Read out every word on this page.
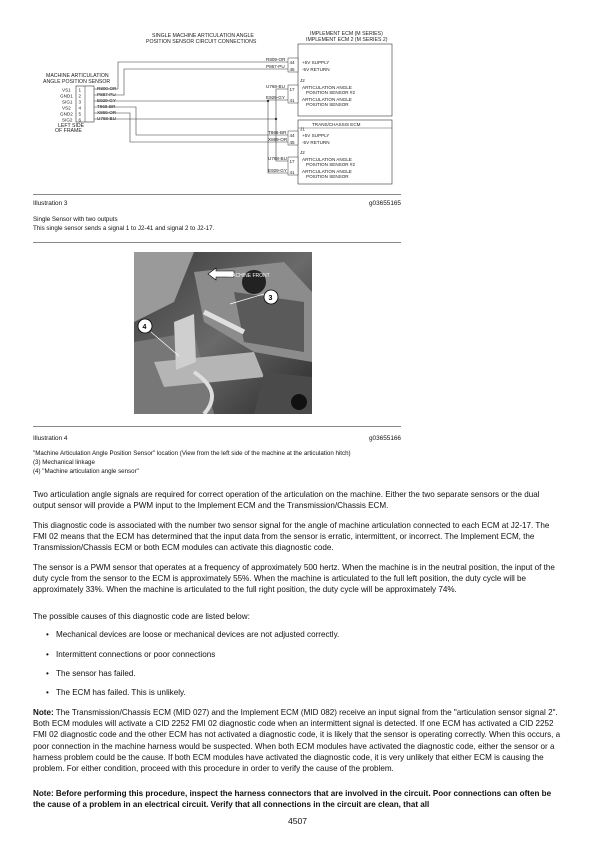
SINGLE MACHINE ARTICULATION ANGLE
POSITION SENSOR CIRCUIT CONNECTIONS
IMPLEMENT ECM (M SERIES)
IMPLEMENT ECM 2 (M SERIES 2)
MACHINE ARTICULATION
ANGLE POSITION SENSOR
LEFT SIDE
OF FRAME
VS1
GND1
SIG1
VS2
GND2
SIG2
1
2
3
4
5
6
R800-OR
P887-PU
E929-GY
T868-BR
X869-OR
U768-BU
R809-OR
P867-PU
44
45
+5V SUPPLY
-5V RETURN
J2
U768-BU
E929-GY
17
41
ARTICULATION ANGLE
POSITION SENSOR #2
ARTICULATION ANGLE
POSITION SENSOR
TRANS/CHASSIS ECM
J1
T868-BR
X869-OR
44
45
+5V SUPPLY
-5V RETURN
J2
U768-BU
E929-GY
17
41
ARTICULATION ANGLE
POSITION SENSOR #2
ARTICULATION ANGLE
POSITION SENSOR
Illustration 3	g03655165
Single Sensor with two outputs
This single sensor sends a signal 1 to J2-41 and signal 2 to J2-17.
MACHINE FRONT
3
4
Illustration 4	g03655166
"Machine Articulation Angle Position Sensor" location (View from the left side of the machine at the articulation hitch)
(3) Mechanical linkage
(4) "Machine articulation angle sensor"

Two articulation angle signals are required for correct operation of the articulation on the machine. Either the two separate sensors or the dual output sensor will provide a PWM input to the Implement ECM and the Transmission/Chassis ECM.

This diagnostic code is associated with the number two sensor signal for the angle of machine articulation connected to each ECM at J2-17. The FMI 02 means that the ECM has determined that the input data from the sensor is erratic, intermittent, or incorrect. The Implement ECM, the Transmission/Chassis ECM or both ECM modules can activate this diagnostic code.

The sensor is a PWM sensor that operates at a frequency of approximately 500 hertz. When the machine is in the neutral position, the input of the duty cycle from the sensor to the ECM is approximately 55%. When the machine is articulated to the full left position, the duty cycle will be approximately 33%. When the machine is articulated to the full right position, the duty cycle will be approximately 74%.

The possible causes of this diagnostic code are listed below:

• Mechanical devices are loose or mechanical devices are not adjusted correctly.
• Intermittent connections or poor connections
• The sensor has failed.
• The ECM has failed. This is unlikely.

Note: The Transmission/Chassis ECM (MID 027) and the Implement ECM (MID 082) receive an input signal from the "articulation sensor signal 2". Both ECM modules will activate a CID 2252 FMI 02 diagnostic code when an intermittent signal is detected. If one ECM has activated a CID 2252 FMI 02 diagnostic code and the other ECM has not activated a diagnostic code, it is likely that the sensor is operating correctly. When this occurs, a poor connection in the machine harness would be suspected. When both ECM modules have activated the diagnostic code, either the sensor or a harness problem could be the cause. If both ECM modules have activated the diagnostic code, it is very unlikely that either ECM is causing the problem. For either condition, proceed with this procedure in order to verify the cause of the problem.

Note: Before performing this procedure, inspect the harness connectors that are involved in the circuit. Poor connections can often be the cause of a problem in an electrical circuit. Verify that all connections in the circuit are clean, that all

4507
